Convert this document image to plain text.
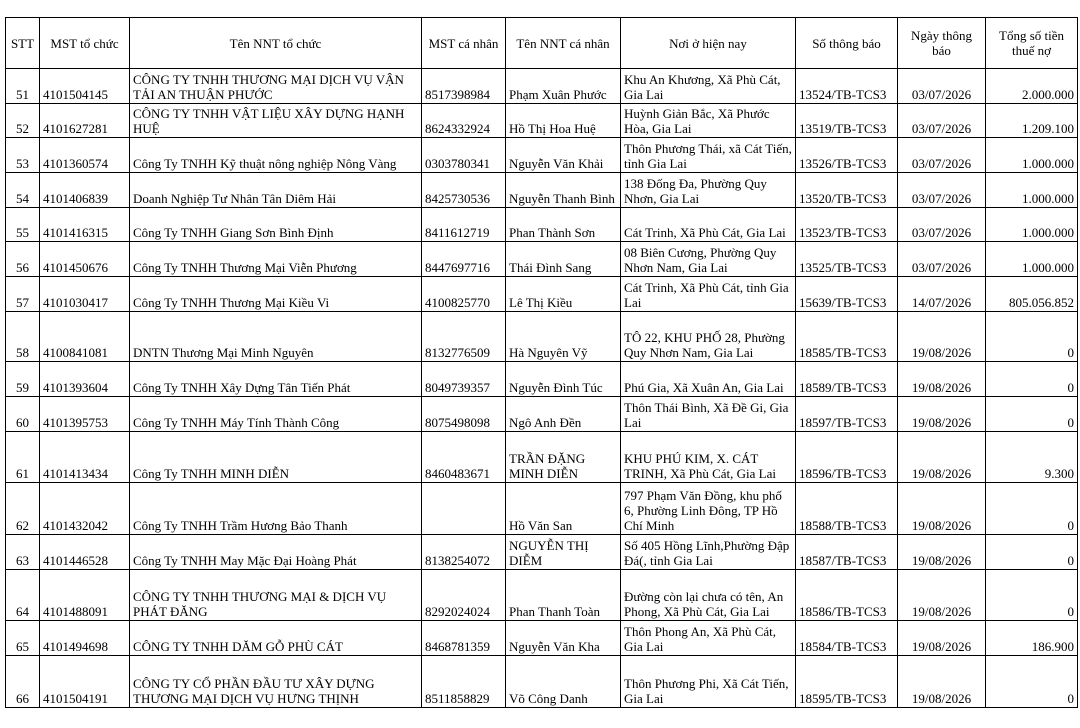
STT	MST tổ chức	Tên NNT tổ chức	MST cá nhân	Tên NNT cá nhân	Nơi ở hiện nay	Số thông báo	Ngày thông báo	Tổng số tiền thuế nợ
51	4101504145	CÔNG TY TNHH THƯƠNG MẠI DỊCH VỤ VẬN TẢI AN THUẬN PHƯỚC	8517398984	Phạm Xuân Phước	Khu An Khương, Xã Phù Cát, Gia Lai	13524/TB-TCS3	03/07/2026	2.000.000
52	4101627281	CÔNG TY TNHH VẬT LIỆU XÂY DỰNG HẠNH HUỆ	8624332924	Hồ Thị Hoa Huệ	Huỳnh Giản Bắc, Xã Phước Hòa, Gia Lai	13519/TB-TCS3	03/07/2026	1.209.100
53	4101360574	Công Ty TNHH Kỹ thuật nông nghiệp Nông Vàng	0303780341	Nguyễn Văn Khải	Thôn Phương Thái, xã Cát Tiến, tỉnh Gia Lai	13526/TB-TCS3	03/07/2026	1.000.000
54	4101406839	Doanh Nghiệp Tư Nhân Tân Diêm Hải	8425730536	Nguyễn Thanh Bình	138 Đống Đa, Phường Quy Nhơn, Gia Lai	13520/TB-TCS3	03/07/2026	1.000.000
55	4101416315	Công Ty TNHH Giang Sơn Bình Định	8411612719	Phan Thành Sơn	Cát Trinh, Xã Phù Cát, Gia Lai	13523/TB-TCS3	03/07/2026	1.000.000
56	4101450676	Công Ty TNHH Thương Mại Viễn Phương	8447697716	Thái Đình Sang	08 Biên Cương, Phường Quy Nhơn Nam, Gia Lai	13525/TB-TCS3	03/07/2026	1.000.000
57	4101030417	Công Ty TNHH Thương Mại Kiều Vi	4100825770	Lê Thị Kiều	Cát Trinh, Xã Phù Cát, tỉnh Gia Lai	15639/TB-TCS3	14/07/2026	805.056.852
58	4100841081	DNTN Thương Mại Minh Nguyên	8132776509	Hà Nguyên Vỹ	TÔ 22, KHU PHỐ 28, Phường Quy Nhơn Nam, Gia Lai	18585/TB-TCS3	19/08/2026	0
59	4101393604	Công Ty TNHH Xây Dựng Tân Tiến Phát	8049739357	Nguyễn Đình Túc	Phú Gia, Xã Xuân An, Gia Lai	18589/TB-TCS3	19/08/2026	0
60	4101395753	Công Ty TNHH Máy Tính Thành Công	8075498098	Ngô Anh Đền	Thôn Thái Bình, Xã Đề Gi, Gia Lai	18597/TB-TCS3	19/08/2026	0
61	4101413434	Công Ty TNHH MINH DIỄN	8460483671	TRẦN ĐẶNG MINH DIỄN	KHU PHÚ KIM, X. CÁT TRINH, Xã Phù Cát, Gia Lai	18596/TB-TCS3	19/08/2026	9.300
62	4101432042	Công Ty TNHH Trầm Hương Bảo Thanh		Hồ Văn San	797 Phạm Văn Đồng, khu phố 6, Phường Linh Đông, TP Hồ Chí Minh	18588/TB-TCS3	19/08/2026	0
63	4101446528	Công Ty TNHH May Mặc Đại Hoàng Phát	8138254072	NGUYỄN THỊ DIỄM	Số 405 Hồng Lĩnh,Phường Đập Đá(, tỉnh Gia Lai	18587/TB-TCS3	19/08/2026	0
64	4101488091	CÔNG TY TNHH THƯƠNG MẠI & DỊCH VỤ PHÁT ĐĂNG	8292024024	Phan Thanh Toàn	Đường còn lại chưa có tên, An Phong, Xã Phù Cát, Gia Lai	18586/TB-TCS3	19/08/2026	0
65	4101494698	CÔNG TY TNHH DĂM GỖ PHÙ CÁT	8468781359	Nguyễn Văn Kha	Thôn Phong An, Xã Phù Cát, Gia Lai	18584/TB-TCS3	19/08/2026	186.900
66	4101504191	CÔNG TY CỔ PHẦN ĐẦU TƯ XÂY DỰNG THƯƠNG MẠI DỊCH VỤ HƯNG THỊNH	8511858829	Võ Công Danh	Thôn Phương Phi, Xã Cát Tiến, Gia Lai	18595/TB-TCS3	19/08/2026	0
